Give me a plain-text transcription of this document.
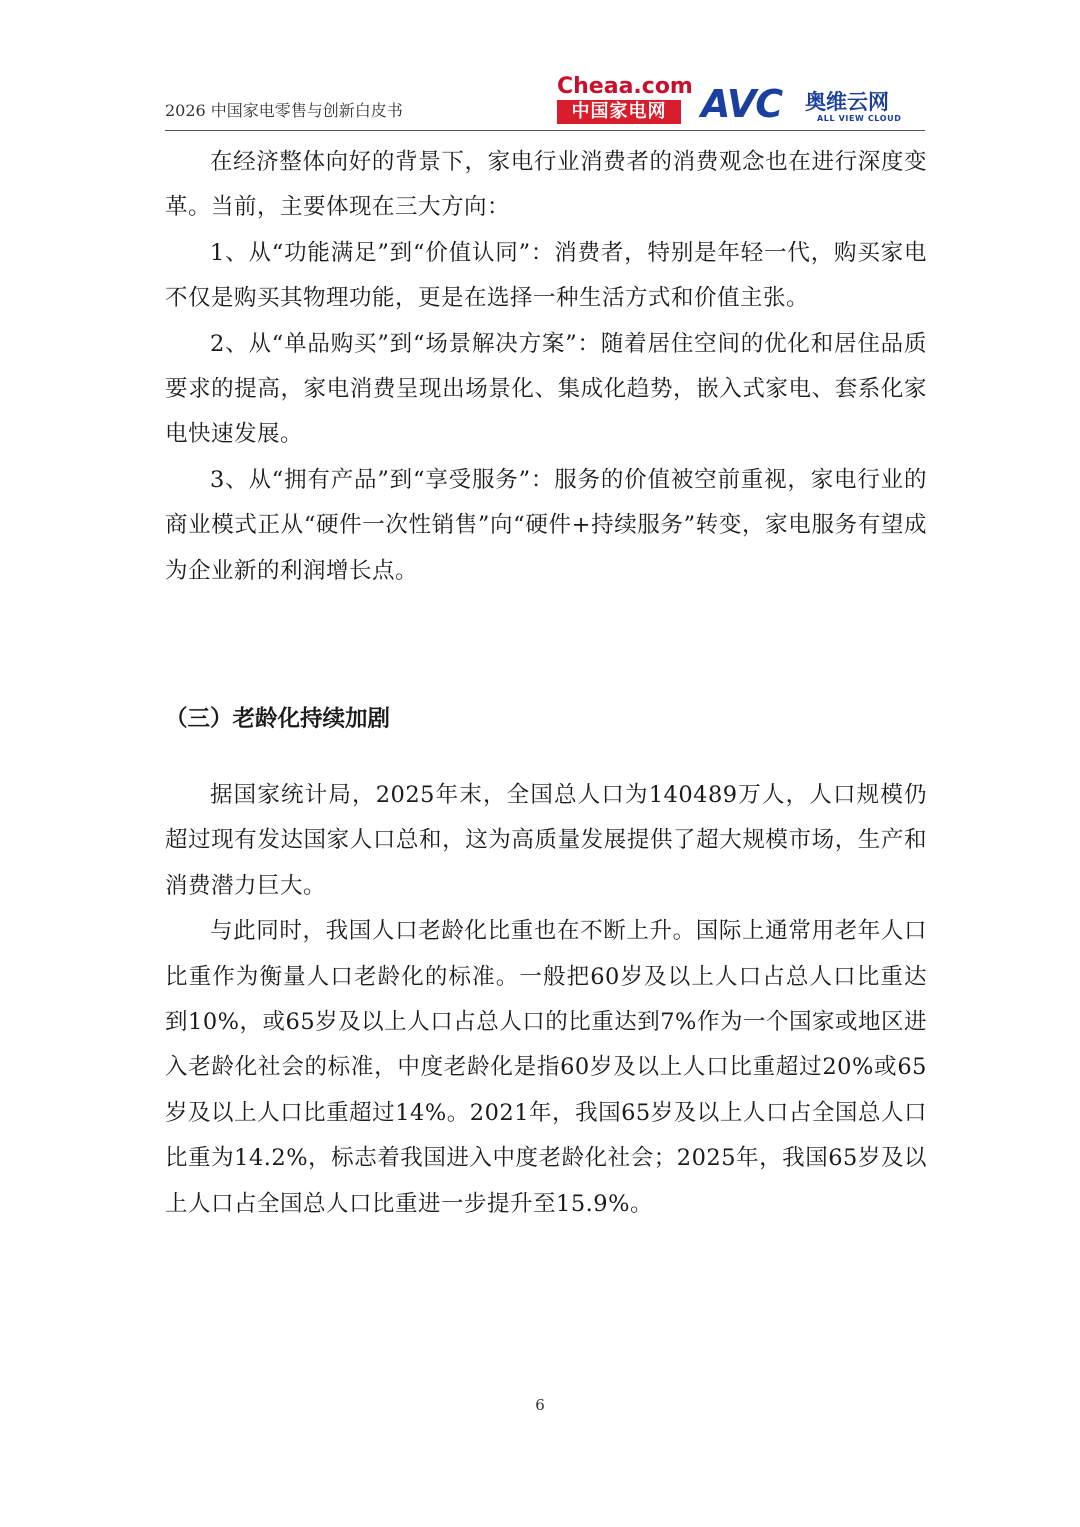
2026 中国家电零售与创新白皮书
Cheaa.com
中国家电网 AVC 奥维云网
ALL VIEW CLOUD

在经济整体向好的背景下，家电行业消费者的消费观念也在进行深度变革。当前，主要体现在三大方向：

1、从“功能满足”到“价值认同”：消费者，特别是年轻一代，购买家电不仅是购买其物理功能，更是在选择一种生活方式和价值主张。

2、从“单品购买”到“场景解决方案”：随着居住空间的优化和居住品质要求的提高，家电消费呈现出场景化、集成化趋势，嵌入式家电、套系化家电快速发展。

3、从“拥有产品”到“享受服务”：服务的价值被空前重视，家电行业的商业模式正从“硬件一次性销售”向“硬件+持续服务”转变，家电服务有望成为企业新的利润增长点。

（三）老龄化持续加剧

据国家统计局，2025年末，全国总人口为140489万人，人口规模仍超过现有发达国家人口总和，这为高质量发展提供了超大规模市场，生产和消费潜力巨大。

与此同时，我国人口老龄化比重也在不断上升。国际上通常用老年人口比重作为衡量人口老龄化的标准。一般把60岁及以上人口占总人口比重达到10%，或65岁及以上人口占总人口的比重达到7%作为一个国家或地区进入老龄化社会的标准，中度老龄化是指60岁及以上人口比重超过20%或65岁及以上人口比重超过14%。2021年，我国65岁及以上人口占全国总人口比重为14.2%，标志着我国进入中度老龄化社会；2025年，我国65岁及以上人口占全国总人口比重进一步提升至15.9%。

6
